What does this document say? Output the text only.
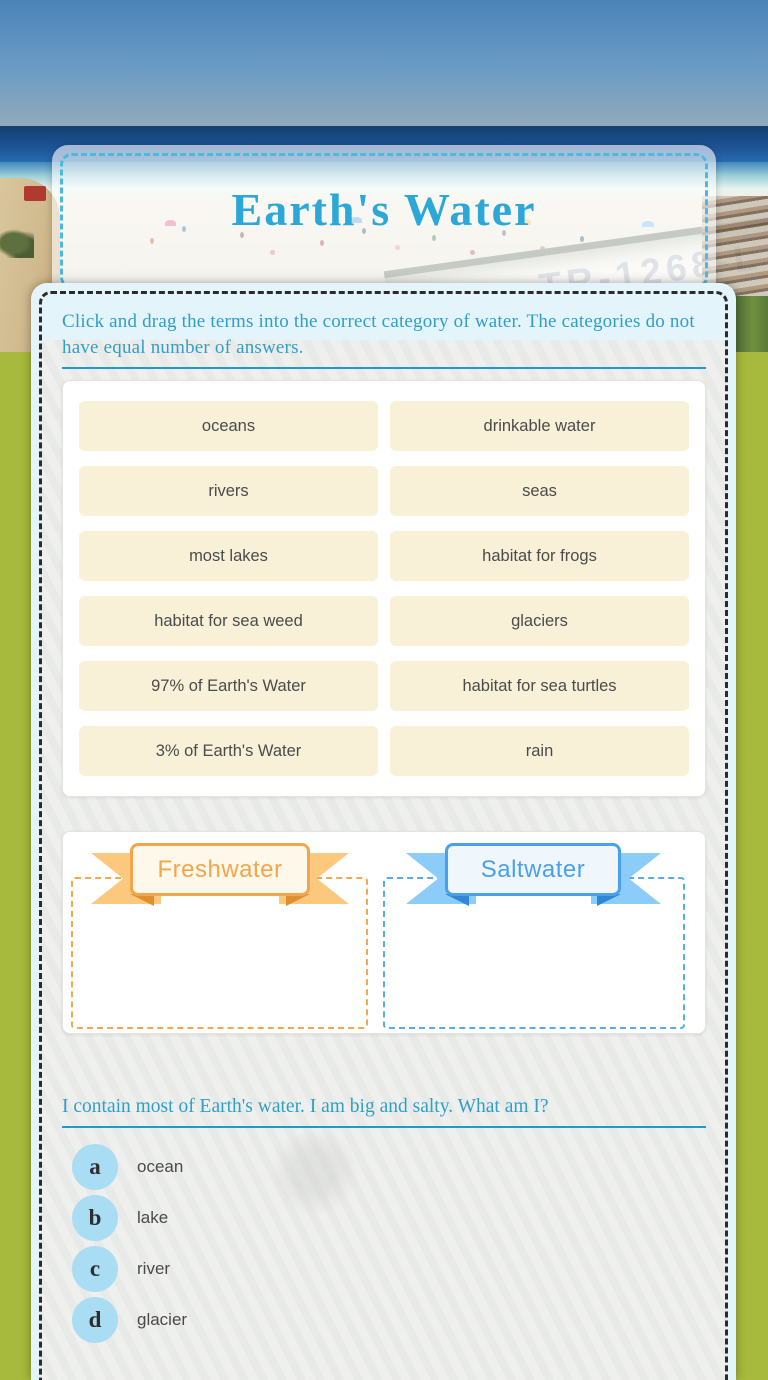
Earth's Water
Click and drag the terms into the correct category of water. The categories do not have equal number of answers.
oceans	drinkable water
rivers	seas
most lakes	habitat for frogs
habitat for sea weed	glaciers
97% of Earth's Water	habitat for sea turtles
3% of Earth's Water	rain
Freshwater	Saltwater
I contain most of Earth's water. I am big and salty. What am I?
a	ocean
b	lake
c	river
d	glacier
